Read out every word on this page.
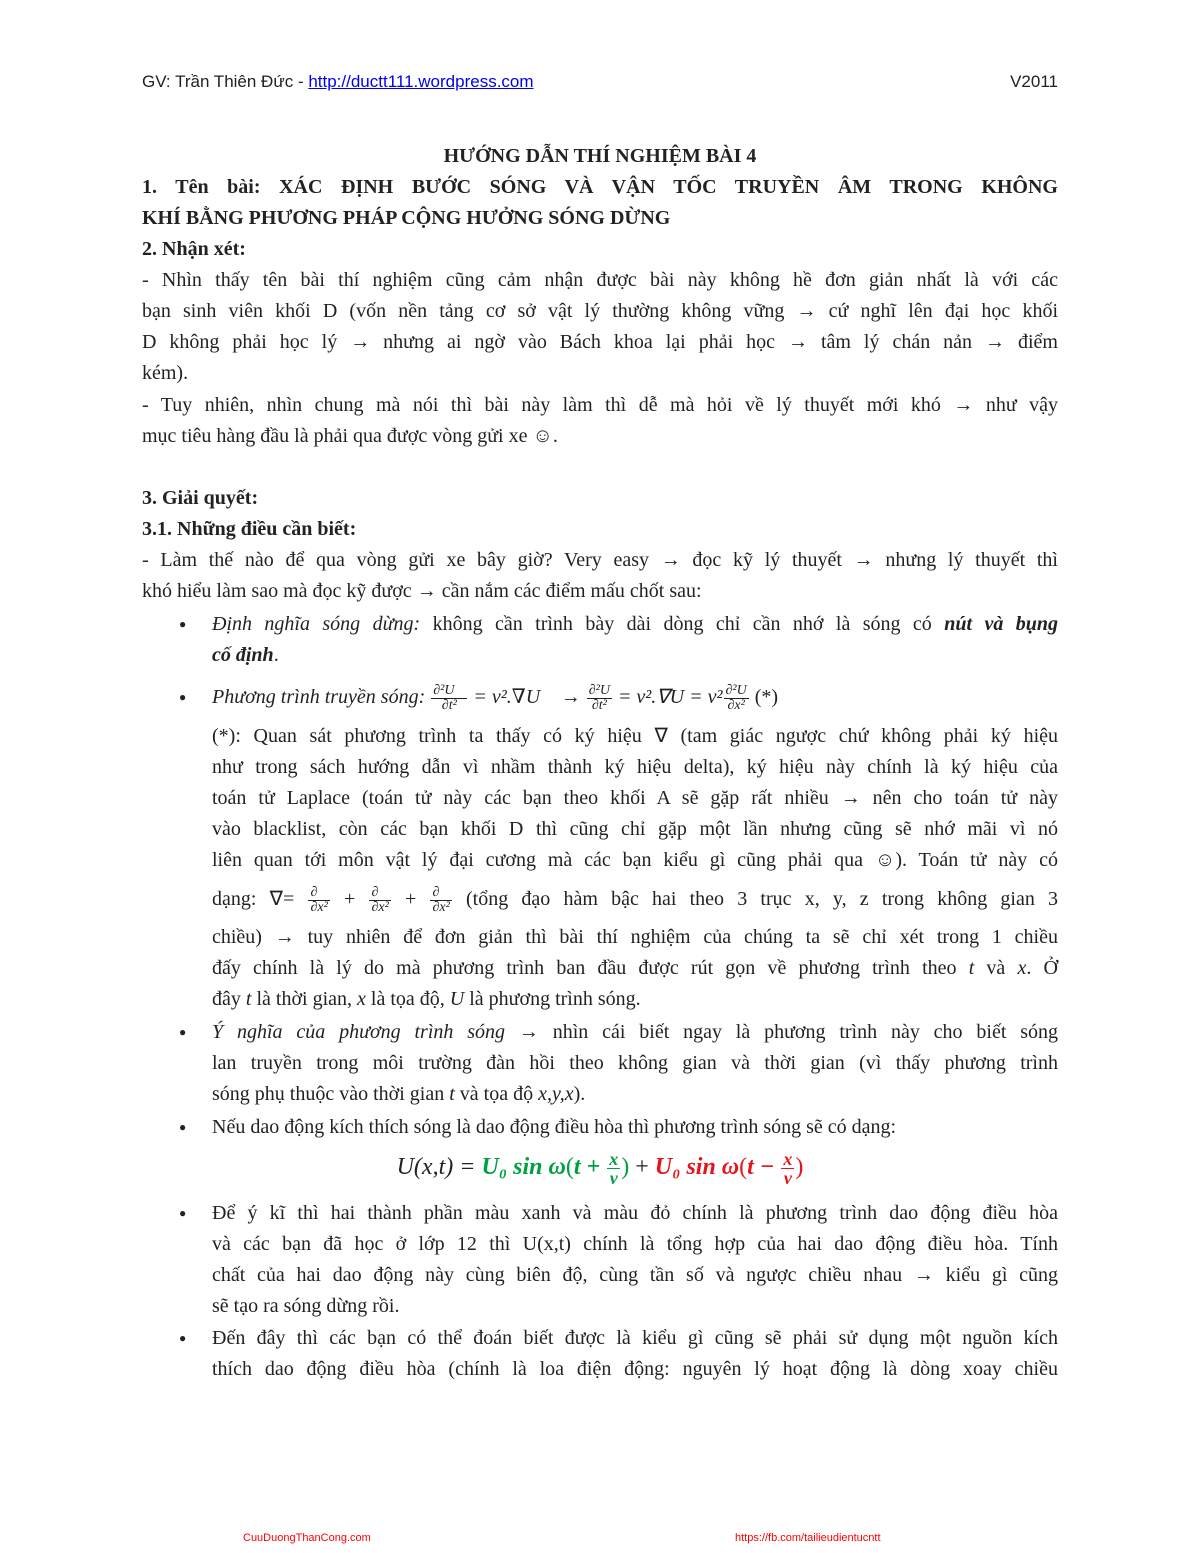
GV: Trần Thiên Đức - http://ductt111.wordpress.com	V2011
HƯỚNG DẪN THÍ NGHIỆM BÀI 4
1. Tên bài: XÁC ĐỊNH BƯỚC SÓNG VÀ VẬN TỐC TRUYỀN ÂM TRONG KHÔNG
KHÍ BẰNG PHƯƠNG PHÁP CỘNG HƯỞNG SÓNG DỪNG
2. Nhận xét:
- Nhìn thấy tên bài thí nghiệm cũng cảm nhận được bài này không hề đơn giản nhất là với các
bạn sinh viên khối D (vốn nền tảng cơ sở vật lý thường không vững → cứ nghĩ lên đại học khối
D không phải học lý → nhưng ai ngờ vào Bách khoa lại phải học → tâm lý chán nản → điểm
kém).
- Tuy nhiên, nhìn chung mà nói thì bài này làm thì dễ mà hỏi về lý thuyết mới khó → như vậy
mục tiêu hàng đầu là phải qua được vòng gửi xe ☺.
3. Giải quyết:
3.1. Những điều cần biết:
- Làm thế nào để qua vòng gửi xe bây giờ? Very easy → đọc kỹ lý thuyết → nhưng lý thuyết thì
khó hiểu làm sao mà đọc kỹ được → cần nắm các điểm mấu chốt sau:
● Định nghĩa sóng dừng: không cần trình bày dài dòng chỉ cần nhớ là sóng có nút và bụng
cố định.
● Phương trình truyền sóng: $\frac{\text{∂²U⃗}}{\text{∂t²}}$ = v².∇U⃗ → $\frac{\text{∂²U}}{\text{∂t²}} = v^2.\nabla U = v^2 \frac{\text{∂²U}}{\text{∂x²}}$ (*)
(*): Quan sát phương trình ta thấy có ký hiệu ∇ (tam giác ngược chứ không phải ký hiệu
như trong sách hướng dẫn vì nhầm thành ký hiệu delta), ký hiệu này chính là ký hiệu của
toán tử Laplace (toán tử này các bạn theo khối A sẽ gặp rất nhiều → nên cho toán tử này
vào blacklist, còn các bạn khối D thì cũng chỉ gặp một lần nhưng cũng sẽ nhớ mãi vì nó
liên quan tới môn vật lý đại cương mà các bạn kiểu gì cũng phải qua ☺). Toán tử này có
dạng: ∇= $\frac{\partial}{\text{∂x²}} + \frac{\partial}{\text{∂x²}} + \frac{\partial}{\text{∂x²}}$ (tổng đạo hàm bậc hai theo 3 trục x, y, z trong không gian 3
chiều) → tuy nhiên để đơn giản thì bài thí nghiệm của chúng ta sẽ chỉ xét trong 1 chiều
đấy chính là lý do mà phương trình ban đầu được rút gọn về phương trình theo t và x. Ở
đây t là thời gian, x là tọa độ, U là phương trình sóng.
● Ý nghĩa của phương trình sóng → nhìn cái biết ngay là phương trình này cho biết sóng
lan truyền trong môi trường đàn hồi theo không gian và thời gian (vì thấy phương trình
sóng phụ thuộc vào thời gian t và tọa độ x,y,x).
● Nếu dao động kích thích sóng là dao động điều hòa thì phương trình sóng sẽ có dạng:
U(x,t) = U₀ $\sin \omega(t + \frac{x}{v}$ ) + U₀ $\sin \omega(t - \frac{x}{v}$ )
● Để ý kĩ thì hai thành phần màu xanh và màu đỏ chính là phương trình dao động điều hòa
và các bạn đã học ở lớp 12 thì U(x,t) chính là tổng hợp của hai dao động điều hòa. Tính
chất của hai dao động này cùng biên độ, cùng tần số và ngược chiều nhau → kiểu gì cũng
sẽ tạo ra sóng dừng rồi.
● Đến đây thì các bạn có thể đoán biết được là kiểu gì cũng sẽ phải sử dụng một nguồn kích
thích dao động điều hòa (chính là loa điện động: nguyên lý hoạt động là dòng xoay chiều
CuuDuongThanCong.com	https://fb.com/tailieudientucntt
